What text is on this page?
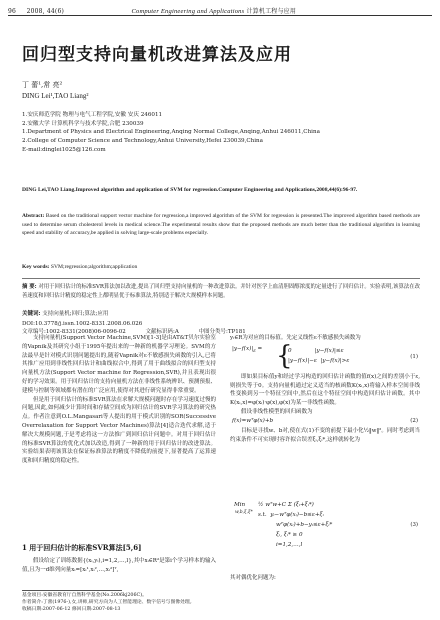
96 2008, 44(6)	Computer Engineering and Applications 计算机工程与应用
回归型支持向量机改进算法及应用
丁 蕾¹,常 亮²
DING Lei¹,TAO Liang²
1.安庆师范学院 物理与电气工程学院,安徽 安庆 246011
2.安徽大学 计算机科学与技术学院,合肥 230039
1.Department of Physics and Electrical Engineering,Anqing Normal College,Anqing,Anhui 246011,China
2.College of Computer Science and Technology,Anhui University,Hefei 230039,China
E-mail:dinglei1025@126.com
DING Lei,TAO Liang.Improved algorithm and application of SVM for regression.Computer Engineering and Applications,2008,44(6):96-97.
Abstract: Based on the traditional support vector machine for regression,a improved algorithm of the SVM for regression is presented.The improved algorithm based methods are used to determine serum cholesterol levels in medical science.The experimental results show that the proposed methods are much better than the traditional algorithm in learning speed and stability of accuracy,be applied in solving large-scale problems especially.
Key words: SVM;regression;algorithm;application
摘 要: 对用于回归估计的标准SVR算法加以改进,提出了回归型支持向量机的一种改进算法。并针对医学上血清胆固醇浓度的定量进行了回归估计。实验表明,该算法在改善速度和回归估计精度的稳定性上都明显优于标准算法,特别适于解决大规模样本问题。
关键词: 支持向量机;回归;算法;应用
DOI:10.3778/j.issn.1002-8331.2008.06.026
文章编号:1002-8331(2008)06-0096-02	文献标识码:A	中图分类号:TP181
支持向量机(Support Vector Machine,SVM)[1-3]是由AT&T贝尔实验室的Vapnik及其研究小组于1995年提出来的一种新的机器学习理论。SVM的方法最早是针对模式识别问题提出的,随着Vapnik对ε不敏感损失函数的引入,已将其推广应用到非线性回归估计和曲线拟合中,得到了用于曲线拟合的回归型支持向量机方法(Support Vector machine for Regression,SVR),并且表现出很好的学习效果。用于回归估计的支持向量机方法在非线性系统辨识、预测预报、建模与控制等领域都有潜在的广泛应用,使得对其进行研究显得非常重要。
但是用于回归估计的标准SVR算法在求解大规模问题时存在学习速度过慢的问题,因此,如何减少计算时间和存储空间成为回归估计的SVR学习算法的研究热点。作者注意到O.L.Mangasari等人提出的用于模式识别的SOR(Successive Overrelaxation for Support Vector Machines)算法[4]适合迭代求解,适于解决大规模问题,于是考虑将这一方法推广到回归估计问题中。对用于回归估计的标准SVR算法的优化式加以改造,得到了一种新的用于回归估计的改进算法。实验结果表明该算法在保证标准算法的精度不降低的前提下,显著提高了运算速度和回归精度的稳定性。
1 用于回归估计的标准SVR算法[5,6]
假设给定了训练数据{(xᵢ,yᵢ),i=1,2,…,l},其中xᵢ∈Rᵈ是第i个学习样本的输入值,且为一d维列向量xᵢ=[xᵢ¹,xᵢ²,…,xᵢᵈ]ᵀ,
基金项目:安徽省教育厅自然科学基金(No.2006kj206C)。
作者简介:丁蕾(1976-),女,讲师,研究方向为人工智能理论、数字信号与图像处理。
收稿日期:2007-06-12 修回日期:2007-08-13
yᵢ∈R为对应的目标值。先定义线性ε不敏感损失函数为
$|y-f(x)|_\varepsilon$ = {
0             |y−f(x)|≤ε
|y−f(x)|−ε  |y−f(x)|>ε
(1)
即如果目标值y和经过学习构造的回归估计函数的值f(x)之间的差别小于ε,则损失等于0。支持向量机通过定义适当的核函数K(xᵢ,x)将输入样本空间非线性变换到另一个特征空间中,然后在这个特征空间中构造回归估计函数。其中K(xᵢ,x)=φ(xᵢ)·φ(x),φ(x)为某一非线性函数。
假设非线性模型的回归函数为
f(x)=wᵀφ(x)+b	(2)
目标是寻找w、b对,使在式(1)不变的前提下最小化½‖w‖²。同时考虑到当约束条件不可实现时容许拟合误差ξᵢ,ξᵢ*,这样就转化为
Min
w,b,ξ,ξ*
½ wᵀw+C Σ (ξᵢ+ξᵢ*)
s.t.  yᵢ−wᵀφ(xᵢ)−b≤ε+ξᵢ
wᵀφ(xᵢ)+b−yᵢ≤ε+ξᵢ*
ξᵢ, ξᵢ* ≥ 0
i=1,2,…,l
(3)
其对偶优化问题为:
